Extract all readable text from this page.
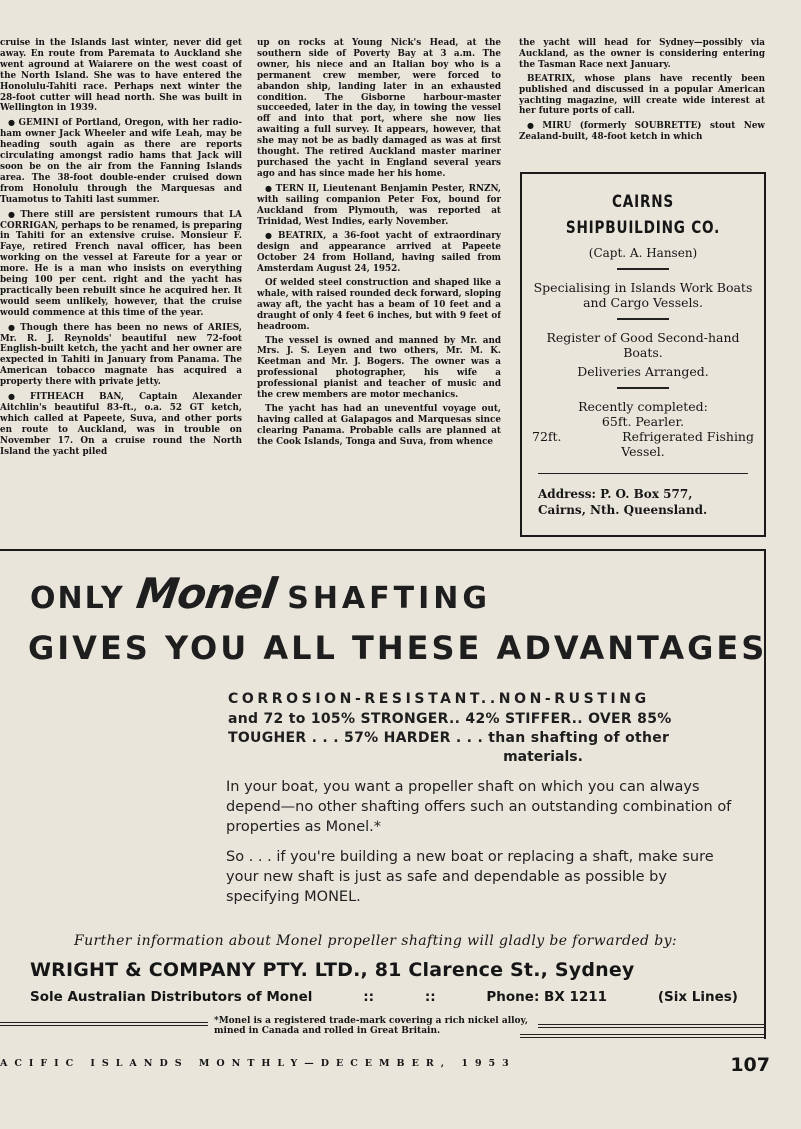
cruise in the Islands last winter, never did get away. En route from Paremata to Auckland she went aground at Waiarere on the west coast of the North Island. She was to have entered the Honolulu-Tahiti race. Perhaps next winter the 28-foot cutter will head north. She was built in Wellington in 1939.

● GEMINI of Portland, Oregon, with her radio-ham owner Jack Wheeler and wife Leah, may be heading south again as there are reports circulating amongst radio hams that Jack will soon be on the air from the Fanning Islands area. The 38-foot double-ender cruised down from Honolulu through the Marquesas and Tuamotus to Tahiti last summer.

● There still are persistent rumours that LA CORRIGAN, perhaps to be renamed, is preparing in Tahiti for an extensive cruise. Monsieur F. Faye, retired French naval officer, has been working on the vessel at Fareute for a year or more. He is a man who insists on everything being 100 per cent. right and the yacht has practically been rebuilt since he acquired her. It would seem unlikely, however, that the cruise would commence at this time of the year.

● Though there has been no news of ARIES, Mr. R. J. Reynolds' beautiful new 72-foot English-built ketch, the yacht and her owner are expected in Tahiti in January from Panama. The American tobacco magnate has acquired a property there with private jetty.

● FITHEACH BAN, Captain Alexander Aitchlin's beautiful 83-ft., o.a. 52 GT ketch, which called at Papeete, Suva, and other ports en route to Auckland, was in trouble on November 17. On a cruise round the North Island the yacht piled

up on rocks at Young Nick's Head, at the southern side of Poverty Bay at 3 a.m. The owner, his niece and an Italian boy who is a permanent crew member, were forced to abandon ship, landing later in an exhausted condition. The Gisborne harbour-master succeeded, later in the day, in towing the vessel off and into that port, where she now lies awaiting a full survey. It appears, however, that she may not be as badly damaged as was at first thought. The retired Auckland master mariner purchased the yacht in England several years ago and has since made her his home.

● TERN II, Lieutenant Benjamin Pester, RNZN, with sailing companion Peter Fox, bound for Auckland from Plymouth, was reported at Trinidad, West Indies, early November.

● BEATRIX, a 36-foot yacht of extraordinary design and appearance arrived at Papeete October 24 from Holland, having sailed from Amsterdam August 24, 1952.

Of welded steel construction and shaped like a whale, with raised rounded deck forward, sloping away aft, the yacht has a beam of 10 feet and a draught of only 4 feet 6 inches, but with 9 feet of headroom.

The vessel is owned and manned by Mr. and Mrs. J. S. Leyen and two others, Mr. M. K. Keetman and Mr. J. Bogers. The owner was a professional photographer, his wife a professional pianist and teacher of music and the crew members are motor mechanics.

The yacht has had an uneventful voyage out, having called at Galapagos and Marquesas since clearing Panama. Probable calls are planned at the Cook Islands, Tonga and Suva, from whence

the yacht will head for Sydney—possibly via Auckland, as the owner is considering entering the Tasman Race next January.

BEATRIX, whose plans have recently been published and discussed in a popular American yachting magazine, will create wide interest at her future ports of call.

● MIRU (formerly SOUBRETTE) stout New Zealand-built, 48-foot ketch in which

CAIRNS
SHIPBUILDING CO.
(Capt. A. Hansen)
Specialising in Islands Work Boats and Cargo Vessels.
Register of Good Second-hand Boats.
Deliveries Arranged.
Recently completed:
65ft. Pearler.
72ft.	Refrigerated Fishing
Vessel.
Address: P. O. Box 577,
Cairns, Nth. Queensland.
ONLY Monel SHAFTING
GIVES YOU ALL THESE ADVANTAGES
CORROSION-RESISTANT..NON-RUSTING
and 72 to 105% STRONGER.. 42% STIFFER.. OVER 85%
TOUGHER . . . 57% HARDER . . . than shafting of other
materials.
In your boat, you want a propeller shaft on which you can always depend—no other shafting offers such an outstanding combination of properties as Monel.*
So . . . if you're building a new boat or replacing a shaft, make sure your new shaft is just as safe and dependable as possible by specifying MONEL.
Further information about Monel propeller shafting will gladly be forwarded by:
WRIGHT & COMPANY PTY. LTD., 81 Clarence St., Sydney
Sole Australian Distributors of Monel	::	::	Phone: BX 1211	(Six Lines)
*Monel is a registered trade-mark covering a rich nickel alloy, mined in Canada and rolled in Great Britain.
ACIFIC ISLANDS MONTHLY—DECEMBER, 1953	107
